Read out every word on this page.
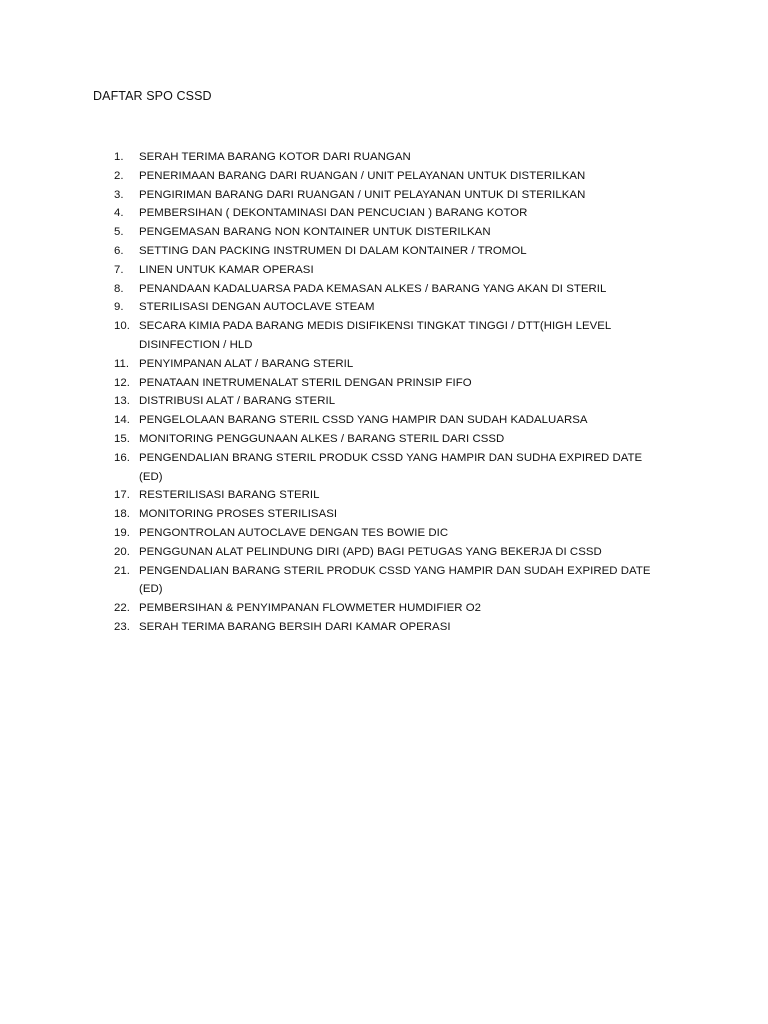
DAFTAR SPO CSSD
1. SERAH TERIMA BARANG KOTOR DARI RUANGAN
2. PENERIMAAN BARANG DARI RUANGAN / UNIT PELAYANAN UNTUK DISTERILKAN
3. PENGIRIMAN BARANG DARI RUANGAN / UNIT PELAYANAN UNTUK DI STERILKAN
4. PEMBERSIHAN ( DEKONTAMINASI DAN PENCUCIAN ) BARANG KOTOR
5. PENGEMASAN BARANG NON KONTAINER UNTUK DISTERILKAN
6. SETTING DAN PACKING INSTRUMEN DI DALAM KONTAINER / TROMOL
7. LINEN UNTUK KAMAR OPERASI
8. PENANDAAN KADALUARSA PADA KEMASAN ALKES / BARANG YANG AKAN DI STERIL
9. STERILISASI DENGAN AUTOCLAVE STEAM
10. SECARA KIMIA PADA BARANG MEDIS DISIFIKENSI TINGKAT TINGGI / DTT(HIGH LEVEL DISINFECTION / HLD
11. PENYIMPANAN ALAT / BARANG STERIL
12. PENATAAN INETRUMENALAT STERIL DENGAN PRINSIP FIFO
13. DISTRIBUSI ALAT / BARANG STERIL
14. PENGELOLAAN BARANG STERIL CSSD YANG HAMPIR DAN SUDAH KADALUARSA
15. MONITORING PENGGUNAAN ALKES / BARANG STERIL DARI CSSD
16. PENGENDALIAN BRANG STERIL PRODUK CSSD YANG HAMPIR DAN SUDHA EXPIRED DATE (ED)
17. RESTERILISASI BARANG STERIL
18. MONITORING PROSES STERILISASI
19. PENGONTROLAN AUTOCLAVE DENGAN TES BOWIE DIC
20. PENGGUNAN ALAT PELINDUNG DIRI (APD) BAGI PETUGAS YANG BEKERJA DI CSSD
21. PENGENDALIAN BARANG STERIL PRODUK CSSD YANG HAMPIR DAN SUDAH EXPIRED DATE (ED)
22. PEMBERSIHAN & PENYIMPANAN FLOWMETER HUMDIFIER O2
23. SERAH TERIMA BARANG BERSIH DARI KAMAR OPERASI
